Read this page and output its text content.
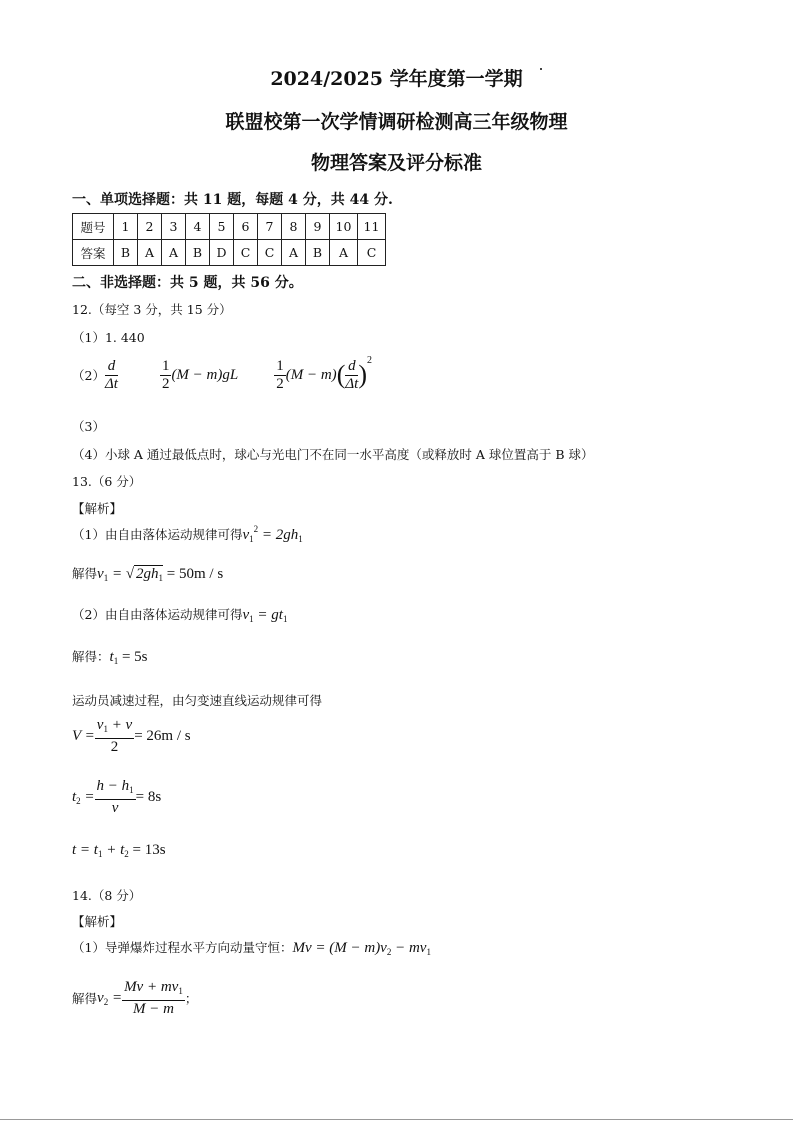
2024/2025 学年度第一学期
联盟校第一次学情调研检测高三年级物理
物理答案及评分标准
一、单项选择题：共 11 题，每题 4 分，共 44 分.
题号	1	2	3	4	5	6	7	8	9	10	11
答案	B	A	A	B	D	C	C	A	B	A	C
二、非选择题：共 5 题，共 56 分。
12.（每空 3 分，共 15 分）
（1）1. 440
$(2) \frac{d}{\Delta t}$	$\frac{1}{2} (M - m)gL \frac{1}{2} (M - m)$ ( $\frac{d}{\Delta t}$ ) 2
（3）
（4）小球 A 通过最低点时，球心与光电门不在同一水平高度（或释放时 A 球位置高于 B 球）
13.（6 分）
【解析】
（1）由自由落体运动规律可得$v_1^2 = 2gh_1$
解得$v_1$ = √ $2gh_1 = 50m / s$
（2）由自由落体运动规律可得$v_1 = gt_1$
解得：$t_1 = 5s$
运动员减速过程，由匀变速直线运动规律可得
$V = \frac{v_1 + v}{2} = 26m / s$
$t_2 = \frac{h - h_1}{v} = 8s$
$t = t_1 + t_2 = 13s$
14.（8 分）
【解析】
（1）导弹爆炸过程水平方向动量守恒：$Mv = (M - m)v_2 - mv_1$
解得 $v_2 = \frac{Mv + mv_1}{M - m}$ ；
